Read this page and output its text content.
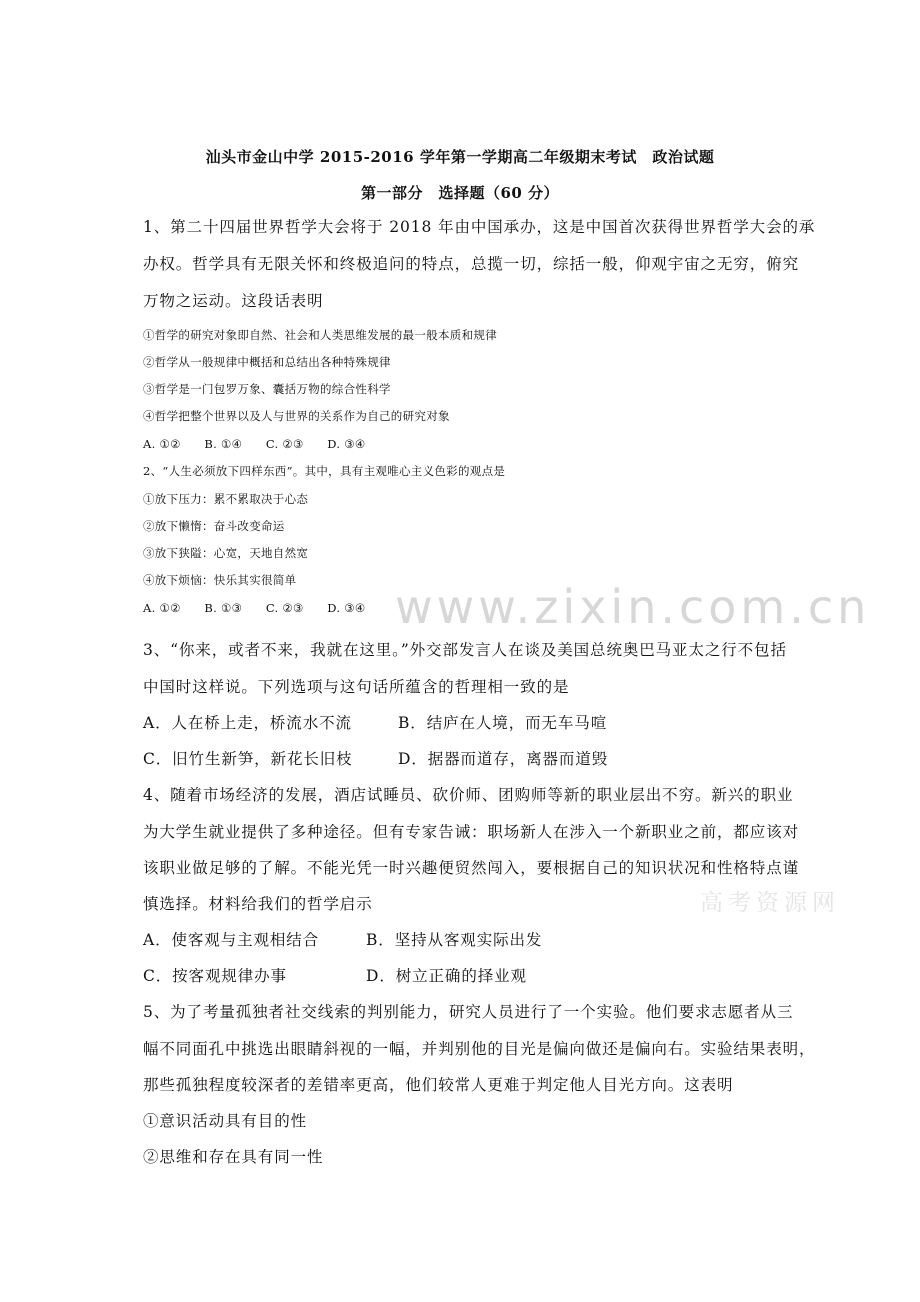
www.zixin.com.cn
高考资源网
汕头市金山中学 2015-2016 学年第一学期高二年级期末考试　政治试题
第一部分　选择题（60 分）
1、第二十四届世界哲学大会将于 2018 年由中国承办，这是中国首次获得世界哲学大会的承
办权。哲学具有无限关怀和终极追问的特点，总揽一切，综括一般，仰观宇宙之无穷，俯究
万物之运动。这段话表明
①哲学的研究对象即自然、社会和人类思维发展的最一般本质和规律
②哲学从一般规律中概括和总结出各种特殊规律
③哲学是一门包罗万象、囊括万物的综合性科学
④哲学把整个世界以及人与世界的关系作为自己的研究对象
A. ①②　　B. ①④　　C. ②③　　D. ③④
2、“人生必须放下四样东西”。其中，具有主观唯心主义色彩的观点是
①放下压力：累不累取决于心态
②放下懒惰：奋斗改变命运
③放下狭隘：心宽，天地自然宽
④放下烦恼：快乐其实很简单
A. ①②　　B. ①③　　C. ②③　　D. ③④
3、“你来，或者不来，我就在这里。”外交部发言人在谈及美国总统奥巴马亚太之行不包括
中国时这样说。下列选项与这句话所蕴含的哲理相一致的是
A．人在桥上走，桥流水不流	B．结庐在人境，而无车马喧
C．旧竹生新笋，新花长旧枝	D．据器而道存，离器而道毁
4、随着市场经济的发展，酒店试睡员、砍价师、团购师等新的职业层出不穷。新兴的职业
为大学生就业提供了多种途径。但有专家告诫：职场新人在涉入一个新职业之前，都应该对
该职业做足够的了解。不能光凭一时兴趣便贸然闯入，要根据自己的知识状况和性格特点谨
慎选择。材料给我们的哲学启示
A．使客观与主观相结合	B．坚持从客观实际出发
C．按客观规律办事	D．树立正确的择业观
5、为了考量孤独者社交线索的判别能力，研究人员进行了一个实验。他们要求志愿者从三
幅不同面孔中挑选出眼睛斜视的一幅，并判别他的目光是偏向做还是偏向右。实验结果表明，
那些孤独程度较深者的差错率更高，他们较常人更难于判定他人目光方向。这表明
①意识活动具有目的性
②思维和存在具有同一性
